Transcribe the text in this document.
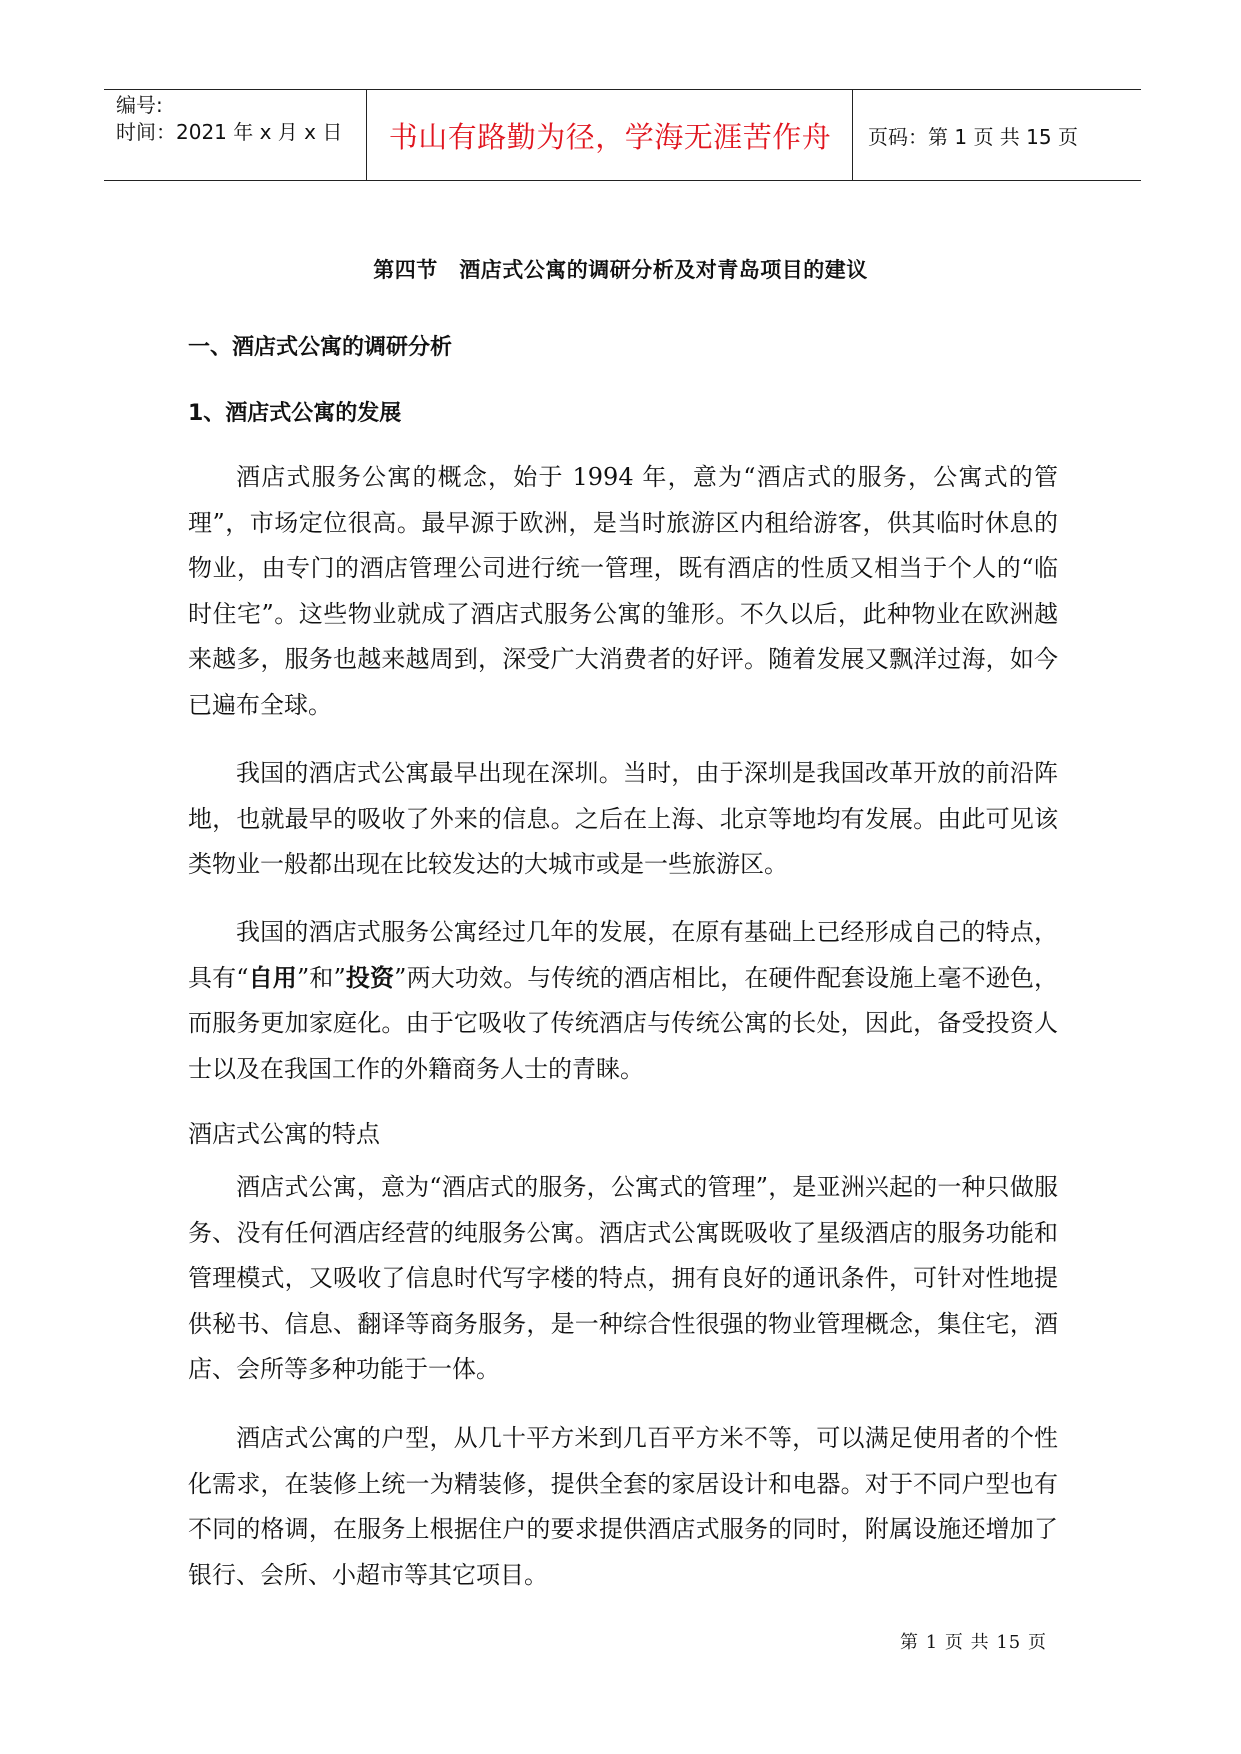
编号:
时间：2021 年 x 月 x 日	书山有路勤为径，学海无涯苦作舟	页码：第 1 页 共 15 页
第四节　酒店式公寓的调研分析及对青岛项目的建议
一、酒店式公寓的调研分析
1、酒店式公寓的发展

酒店式服务公寓的概念，始于 1994 年，意为“酒店式的服务，公寓式的管理”，市场定位很高。最早源于欧洲，是当时旅游区内租给游客，供其临时休息的物业，由专门的酒店管理公司进行统一管理，既有酒店的性质又相当于个人的“临时住宅”。这些物业就成了酒店式服务公寓的雏形。不久以后，此种物业在欧洲越来越多，服务也越来越周到，深受广大消费者的好评。随着发展又飘洋过海，如今已遍布全球。

我国的酒店式公寓最早出现在深圳。当时，由于深圳是我国改革开放的前沿阵地，也就最早的吸收了外来的信息。之后在上海、北京等地均有发展。由此可见该类物业一般都出现在比较发达的大城市或是一些旅游区。

我国的酒店式服务公寓经过几年的发展，在原有基础上已经形成自己的特点，具有“自用”和”投资”两大功效。与传统的酒店相比，在硬件配套设施上毫不逊色，而服务更加家庭化。由于它吸收了传统酒店与传统公寓的长处，因此，备受投资人士以及在我国工作的外籍商务人士的青睐。

酒店式公寓的特点

酒店式公寓，意为“酒店式的服务，公寓式的管理”，是亚洲兴起的一种只做服务、没有任何酒店经营的纯服务公寓。酒店式公寓既吸收了星级酒店的服务功能和管理模式，又吸收了信息时代写字楼的特点，拥有良好的通讯条件，可针对性地提供秘书、信息、翻译等商务服务，是一种综合性很强的物业管理概念，集住宅，酒店、会所等多种功能于一体。

酒店式公寓的户型，从几十平方米到几百平方米不等，可以满足使用者的个性化需求，在装修上统一为精装修，提供全套的家居设计和电器。对于不同户型也有不同的格调，在服务上根据住户的要求提供酒店式服务的同时，附属设施还增加了银行、会所、小超市等其它项目。

第 1 页 共 15 页
